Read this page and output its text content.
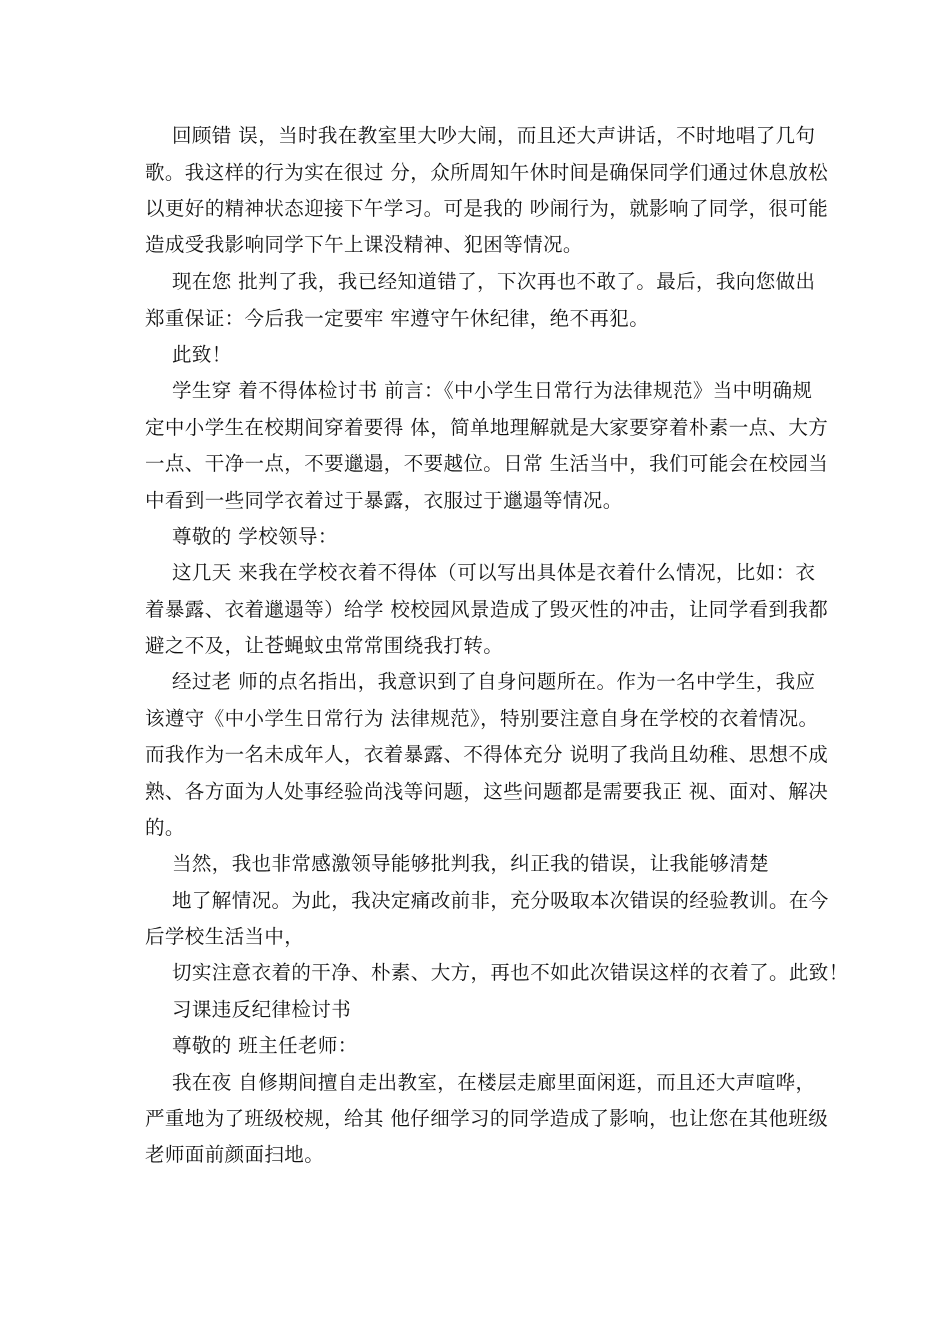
回顾错 误，当时我在教室里大吵大闹，而且还大声讲话，不时地唱了几句
歌。我这样的行为实在很过 分，众所周知午休时间是确保同学们通过休息放松
以更好的精神状态迎接下午学习。可是我的 吵闹行为，就影响了同学，很可能
造成受我影响同学下午上课没精神、犯困等情况。
现在您 批判了我，我已经知道错了，下次再也不敢了。最后，我向您做出
郑重保证：今后我一定要牢 牢遵守午休纪律，绝不再犯。
此致！
学生穿 着不得体检讨书 前言：《中小学生日常行为法律规范》当中明确规
定中小学生在校期间穿着要得 体，简单地理解就是大家要穿着朴素一点、大方
一点、干净一点，不要邋遢，不要越位。日常 生活当中，我们可能会在校园当
中看到一些同学衣着过于暴露，衣服过于邋遢等情况。
尊敬的 学校领导：
这几天 来我在学校衣着不得体（可以写出具体是衣着什么情况，比如：衣
着暴露、衣着邋遢等）给学 校校园风景造成了毁灭性的冲击，让同学看到我都
避之不及，让苍蝇蚊虫常常围绕我打转。
经过老 师的点名指出，我意识到了自身问题所在。作为一名中学生，我应
该遵守《中小学生日常行为 法律规范》，特别要注意自身在学校的衣着情况。
而我作为一名未成年人，衣着暴露、不得体充分 说明了我尚且幼稚、思想不成
熟、各方面为人处事经验尚浅等问题，这些问题都是需要我正 视、面对、解决
的。
当然，我也非常感激领导能够批判我，纠正我的错误，让我能够清楚
地了解情况。为此，我决定痛改前非，充分吸取本次错误的经验教训。在今
后学校生活当中，
切实注意衣着的干净、朴素、大方，再也不如此次错误这样的衣着了。此致！
习课违反纪律检讨书
尊敬的 班主任老师：
我在夜 自修期间擅自走出教室，在楼层走廊里面闲逛，而且还大声喧哗，
严重地为了班级校规，给其 他仔细学习的同学造成了影响，也让您在其他班级
老师面前颜面扫地。
